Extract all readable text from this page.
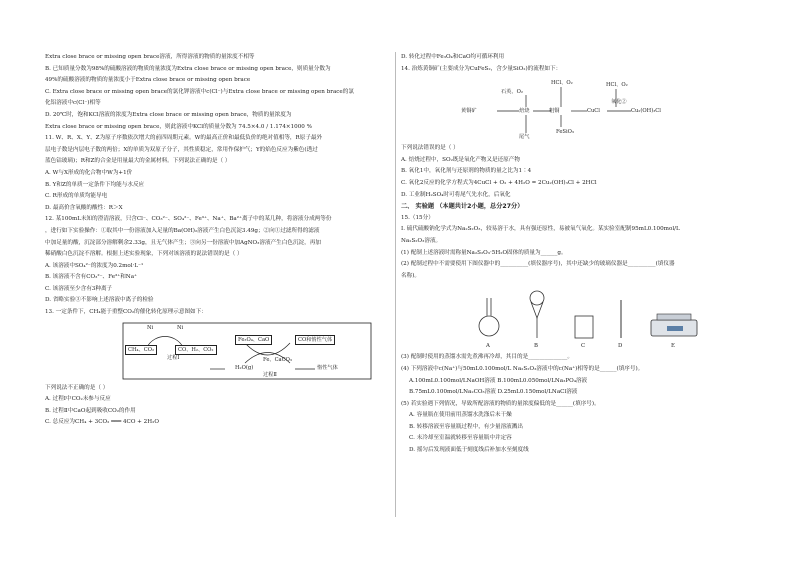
Extra close brace or missing open brace溶液，所得溶液的物质的量浓度不相等
B. 已知质量分数为98%的硫酸溶液的物质的量浓度为Extra close brace or missing open brace，则质量分数为
49%的硫酸溶液的物质的量浓度小于Extra close brace or missing open brace
C. Extra close brace or missing open brace的氯化钾溶液中c(Cl⁻)与Extra close brace or missing open brace的氯
化铝溶液中c(Cl⁻)相等
D. 20℃时，饱和KCl溶液的浓度为Extra close brace or missing open brace，物质的量浓度为
Extra close brace or missing open brace，则此溶液中KCl的质量分数为 74.5×4.0 / 1.174×1000 %
11. W、R、X、Y、Z为原子序数依次增大的前四周期元素。W的最高正价和最低负价的绝对值相等，R原子最外
层电子数是内层电子数的两倍；X的单质为双原子分子，其性质稳定，常用作保护气；Y的焰色反应为紫色(透过
蓝色钴玻璃)；R和Z的合金是用量最大的金属材料。下列说法正确的是（ ）
A. W与X形成的化合物中W为+1价
B. Y和Z的单质一定条件下均能与水反应
C. R形成的单质均能导电
D. 最高价含氧酸的酸性：R＞X
12. 某100mL未知的澄清溶液，只含Cl⁻、CO₃²⁻、SO₄²⁻、Fe³⁺、Na⁺、Ba²⁺离子中的某几种，将溶液分成两等份
，进行如下实验操作：①取其中一份溶液加入足量的Ba(OH)₂溶液产生白色沉淀3.49g；②向①过滤所得的滤液
中加足量的酸，沉淀部分溶解剩余2.33g，且无气体产生；③向另一份溶液中加AgNO₃溶液产生白色沉淀，再加
稀硝酸白色沉淀不溶解。根据上述实验现象，下列对该溶液的说法错误的是（ ）
A. 该溶液中SO₄²⁻的浓度为0.2mol·L⁻¹
B. 该溶液不含有CO₃²⁻、Fe³⁺和Na⁺
C. 该溶液至少含有3种离子
D. 省略实验③不影响上述溶液中离子的检验
13. 一定条件下，CH₄能于重整CO₂的催化转化原理示意图如下：
Ni	Ni
CH₄、CO₂	CO、H₂、CO₂
Fe₃O₄、CaO	CO和惰性气体
H₂O(g)
Fe、CaCO₃
惰性气体
过程Ⅰ
过程Ⅱ
下列说法不正确的是（ ）
A. 过程Ⅰ中CO₂未参与反应
B. 过程Ⅱ中CaO起到吸收CO₂的作用
C. 总反应为CH₄ + 3CO₂ ═══ 4CO + 2H₂O
D. 转化过程中Fe₃O₄和CaO均可循环利用
14. 治炼黄铜矿(主要成分为CuFeS₂，含少量SiO₂)的流程如下：
石英、O₂
黄铜矿	焙烧
HCl、O₂
粗铜	CuCl
HCl、O₂
氧化②
Cu₂(OH)₃Cl
FeSiO₃
尾气
下列说法错误的是（ ）
A. 焙烧过程中，SO₂既是氧化产物又是还原产物
B. 氧化1中，氧化剂与还原剂的物质的量之比为1∶4
C. 氧化2反应的化学方程式为4CuCl + O₂ + 4H₂O = 2Cu₂(OH)₃Cl + 2HCl
D. 工业制H₂SO₄时可将尾气先水化，后氧化
二、 实验题 （本题共计2小题，总分27分）
15.（15分）
Ⅰ. 硫代硫酸钠化学式为Na₂S₂O₃，较易溶于水，具有强还原性，易被氧气氧化。某实验室配制95mL0.100mol/L
Na₂S₂O₃溶液。
(1) 配制上述溶液时需称量Na₂S₂O₃·5H₂O固体的质量为______g。
(2) 配制过程中不需要使用下图仪器中的__________(填仪器序号)，其中还缺少的玻璃仪器是__________(填仪器
名称)。
A	B	C	D	E
(3) 配制时使用的蒸馏水需先煮沸再冷却，其目的是______________。
(4) 下列溶液中c(Na⁺)与50mL0.100mol/L Na₂S₂O₃溶液中的c(Na⁺)相等的是______(填序号)。
A.100mL0.100mol/LNaOH溶液 B.100mL0.050mol/LNa₃PO₄溶液
B.75mL0.100mol/LNa₂CO₃溶液 D.25mL0.150mol/LNaCl溶液
(5) 若实验遇下列情况，导致所配溶液的物质的量浓度偏低的是______(填序号)。
A. 容量瓶在使用前用蒸馏水洗涤后未干燥
B. 转移溶液至容量瓶过程中，有少量溶液溅出
C. 未冷却至室温就转移至容量瓶中并定容
D. 摇匀后发现液面低于刻度线后补加水至刻度线
